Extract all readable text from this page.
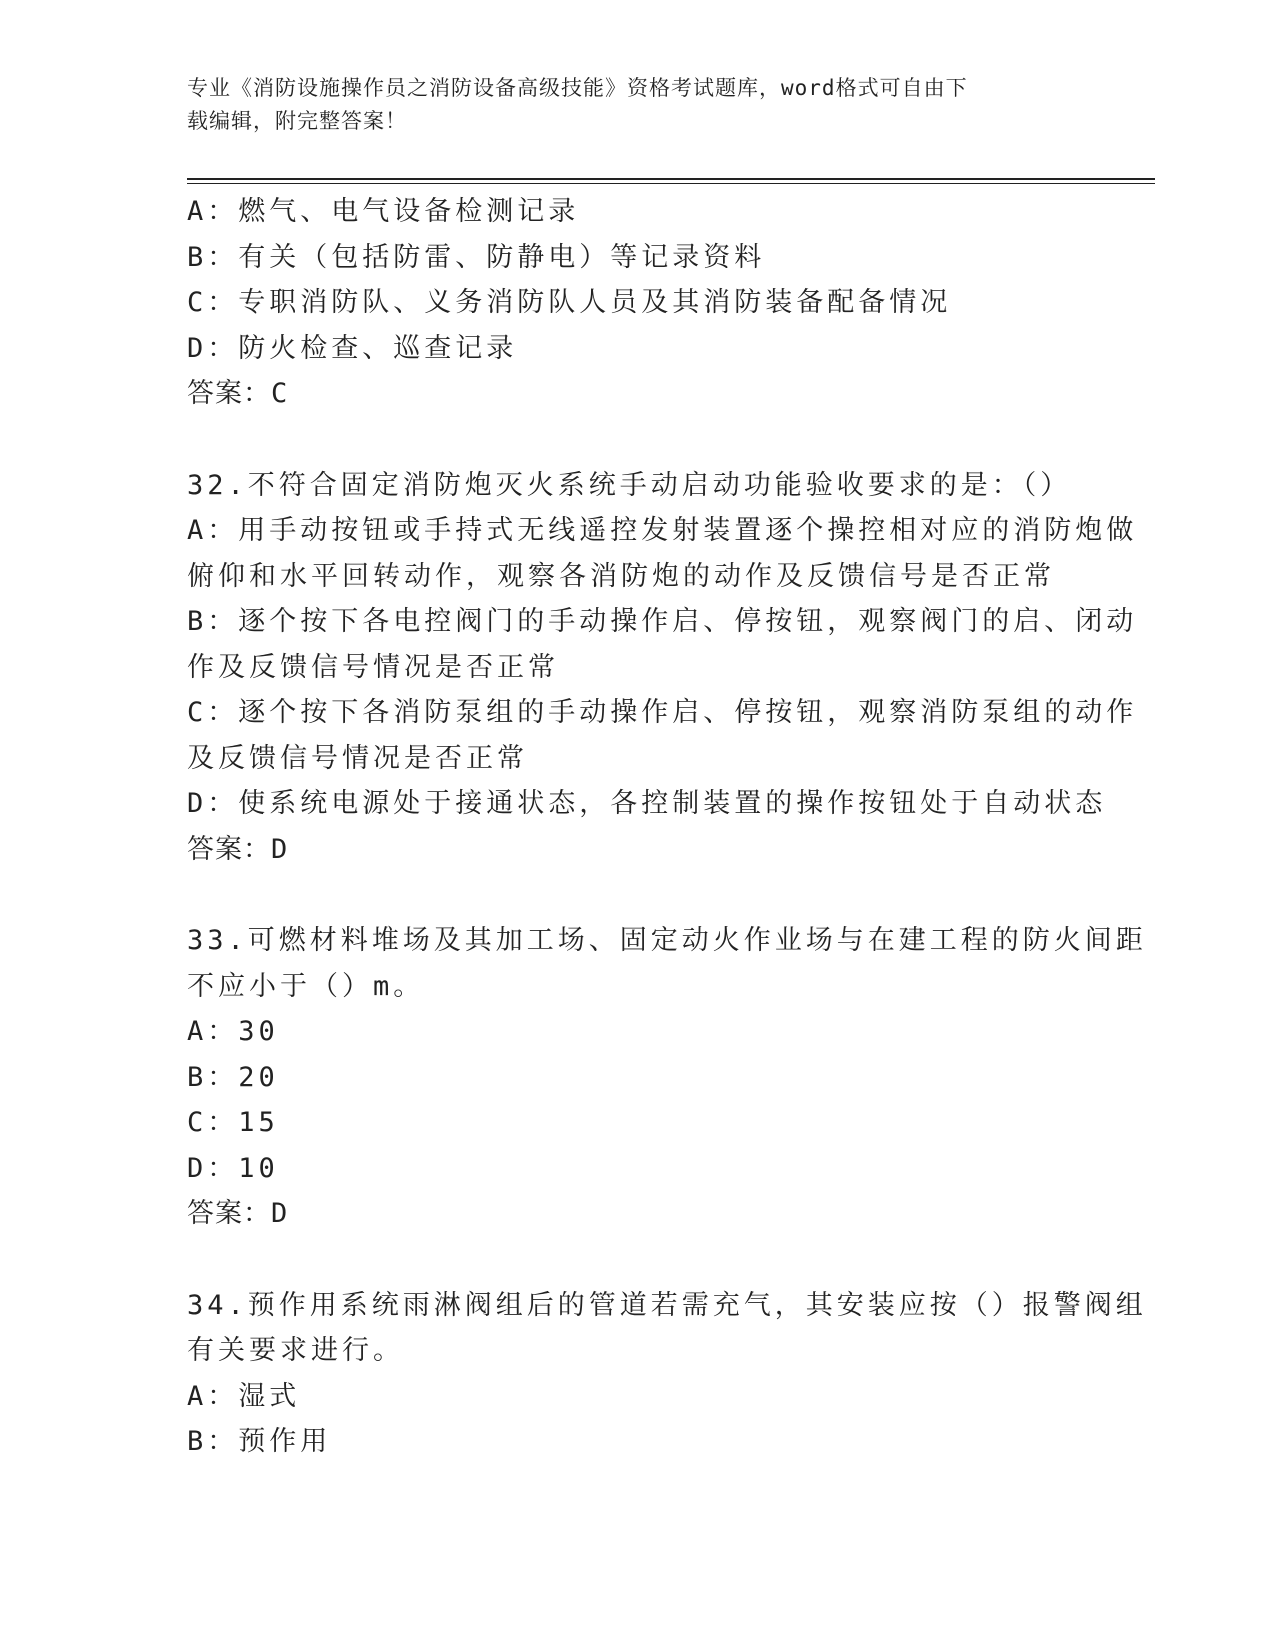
专业《消防设施操作员之消防设备高级技能》资格考试题库，word格式可自由下
载编辑，附完整答案！
A：燃气、电气设备检测记录
B：有关（包括防雷、防静电）等记录资料
C：专职消防队、义务消防队人员及其消防装备配备情况
D：防火检查、巡查记录
答案：C
32.不符合固定消防炮灭火系统手动启动功能验收要求的是：（）
A：用手动按钮或手持式无线遥控发射装置逐个操控相对应的消防炮做
俯仰和水平回转动作，观察各消防炮的动作及反馈信号是否正常
B：逐个按下各电控阀门的手动操作启、停按钮，观察阀门的启、闭动
作及反馈信号情况是否正常
C：逐个按下各消防泵组的手动操作启、停按钮，观察消防泵组的动作
及反馈信号情况是否正常
D：使系统电源处于接通状态，各控制装置的操作按钮处于自动状态
答案：D
33.可燃材料堆场及其加工场、固定动火作业场与在建工程的防火间距
不应小于（）m。
A：30
B：20
C：15
D：10
答案：D
34.预作用系统雨淋阀组后的管道若需充气，其安装应按（）报警阀组
有关要求进行。
A：湿式
B：预作用
